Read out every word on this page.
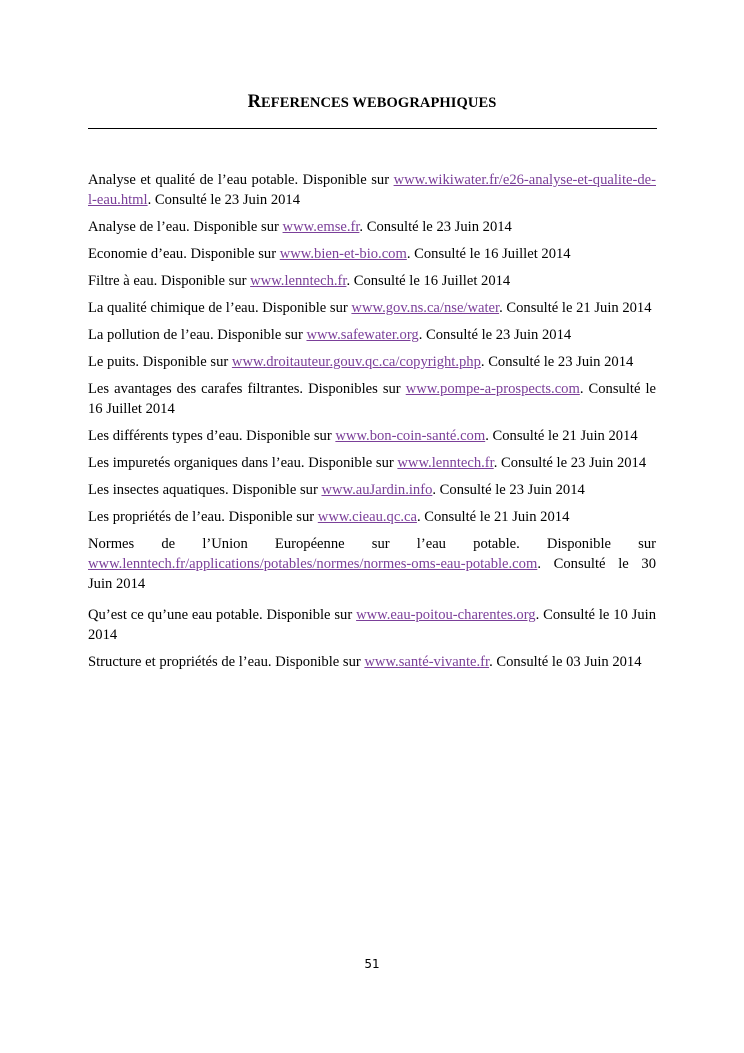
REFERENCES WEBOGRAPHIQUES

Analyse et qualité de l’eau potable. Disponible sur www.wikiwater.fr/e26-analyse-et-qualite-de-l-eau.html. Consulté le 23 Juin 2014

Analyse de l’eau. Disponible sur www.emse.fr. Consulté le 23 Juin 2014

Economie d’eau. Disponible sur www.bien-et-bio.com. Consulté le 16 Juillet 2014

Filtre à eau. Disponible sur www.lenntech.fr. Consulté le 16 Juillet 2014

La qualité chimique de l’eau. Disponible sur www.gov.ns.ca/nse/water. Consulté le 21 Juin 2014

La pollution de l’eau. Disponible sur www.safewater.org. Consulté le 23 Juin 2014

Le puits. Disponible sur www.droitauteur.gouv.qc.ca/copyright.php. Consulté le 23 Juin 2014

Les avantages des carafes filtrantes. Disponibles sur www.pompe-a-prospects.com. Consulté le 16 Juillet 2014

Les différents types d’eau. Disponible sur www.bon-coin-santé.com. Consulté le 21 Juin 2014

Les impuretés organiques dans l’eau. Disponible sur www.lenntech.fr. Consulté le 23 Juin 2014

Les insectes aquatiques. Disponible sur www.auJardin.info. Consulté le 23 Juin 2014

Les propriétés de l’eau. Disponible sur www.cieau.qc.ca. Consulté le 21 Juin 2014

Normes de l’Union Européenne sur l’eau potable. Disponible sur www.lenntech.fr/applications/potables/normes/normes-oms-eau-potable.com. Consulté le 30 Juin 2014

Qu’est ce qu’une eau potable. Disponible sur www.eau-poitou-charentes.org. Consulté le 10 Juin 2014

Structure et propriétés de l’eau. Disponible sur www.santé-vivante.fr. Consulté le 03 Juin 2014

51
